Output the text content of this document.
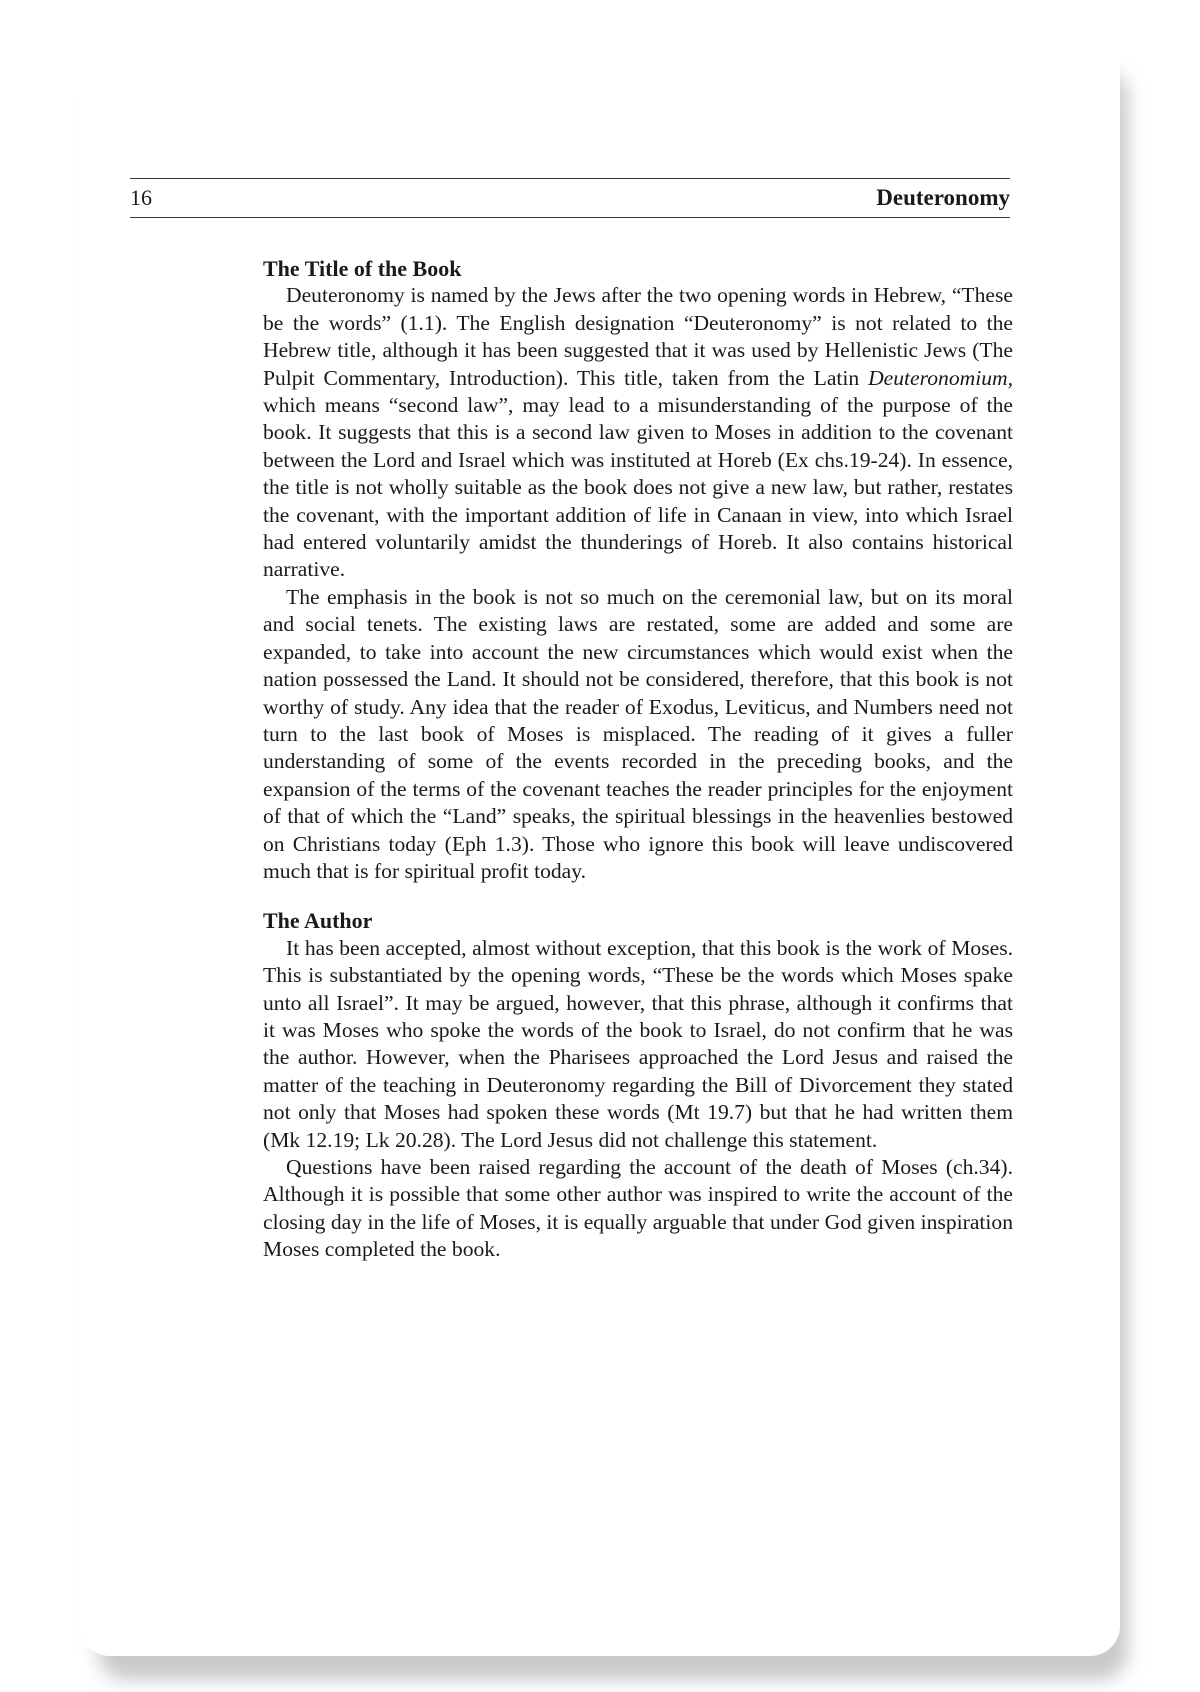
16	Deuteronomy
The Title of the Book

Deuteronomy is named by the Jews after the two opening words in Hebrew, “These be the words” (1.1). The English designation “Deuteronomy” is not related to the Hebrew title, although it has been suggested that it was used by Hellenistic Jews (The Pulpit Commentary, Introduction). This title, taken from the Latin Deuteronomium, which means “second law”, may lead to a misunderstanding of the purpose of the book. It suggests that this is a second law given to Moses in addition to the covenant between the Lord and Israel which was instituted at Horeb (Ex chs.19-24). In essence, the title is not wholly suitable as the book does not give a new law, but rather, restates the covenant, with the important addition of life in Canaan in view, into which Israel had entered voluntarily amidst the thunderings of Horeb. It also contains historical narrative.

The emphasis in the book is not so much on the ceremonial law, but on its moral and social tenets. The existing laws are restated, some are added and some are expanded, to take into account the new circumstances which would exist when the nation possessed the Land. It should not be considered, therefore, that this book is not worthy of study. Any idea that the reader of Exodus, Leviticus, and Numbers need not turn to the last book of Moses is misplaced. The reading of it gives a fuller understanding of some of the events recorded in the preceding books, and the expansion of the terms of the covenant teaches the reader principles for the enjoyment of that of which the “Land” speaks, the spiritual blessings in the heavenlies bestowed on Christians today (Eph 1.3). Those who ignore this book will leave undiscovered much that is for spiritual profit today.

The Author

It has been accepted, almost without exception, that this book is the work of Moses. This is substantiated by the opening words, “These be the words which Moses spake unto all Israel”. It may be argued, however, that this phrase, although it confirms that it was Moses who spoke the words of the book to Israel, do not confirm that he was the author. However, when the Pharisees approached the Lord Jesus and raised the matter of the teaching in Deuteronomy regarding the Bill of Divorcement they stated not only that Moses had spoken these words (Mt 19.7) but that he had written them (Mk 12.19; Lk 20.28). The Lord Jesus did not challenge this statement.

Questions have been raised regarding the account of the death of Moses (ch.34). Although it is possible that some other author was inspired to write the account of the closing day in the life of Moses, it is equally arguable that under God given inspiration Moses completed the book.
